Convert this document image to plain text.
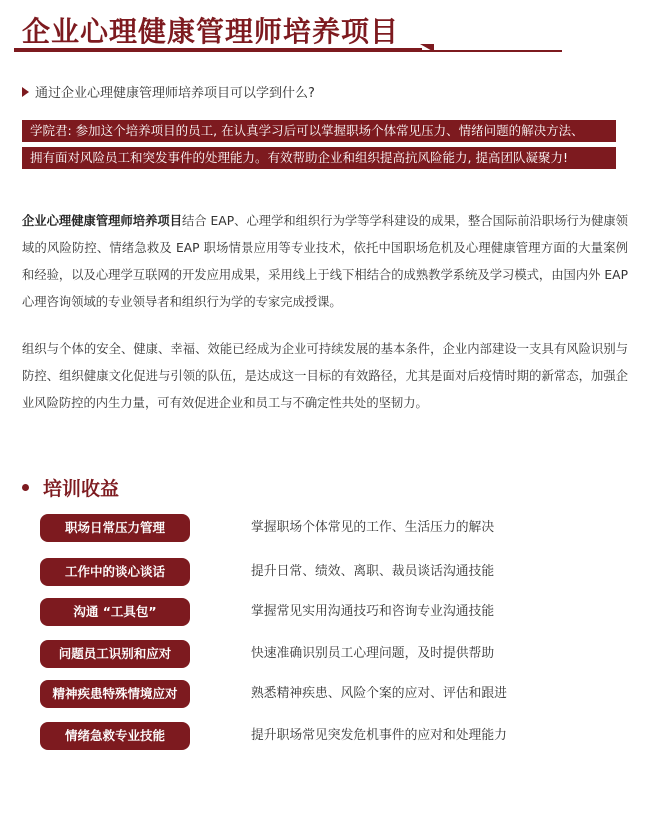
企业心理健康管理师培养项目
通过企业心理健康管理师培养项目可以学到什么?
学院君: 参加这个培养项目的员工, 在认真学习后可以掌握职场个体常见压力、情绪问题的解决方法、
拥有面对风险员工和突发事件的处理能力。有效帮助企业和组织提高抗风险能力, 提高团队凝聚力!

企业心理健康管理师培养项目结合 EAP、心理学和组织行为学等学科建设的成果，整合国际前沿职场行为健康领域的风险防控、情绪急救及 EAP 职场情景应用等专业技术，依托中国职场危机及心理健康管理方面的大量案例和经验，以及心理学互联网的开发应用成果，采用线上于线下相结合的成熟教学系统及学习模式，由国内外 EAP 心理咨询领域的专业领导者和组织行为学的专家完成授课。

组织与个体的安全、健康、幸福、效能已经成为企业可持续发展的基本条件，企业内部建设一支具有风险识别与防控、组织健康文化促进与引领的队伍，是达成这一目标的有效路径，尤其是面对后疫情时期的新常态，加强企业风险防控的内生力量，可有效促进企业和员工与不确定性共处的坚韧力。

培训收益
职场日常压力管理	掌握职场个体常见的工作、生活压力的解决
工作中的谈心谈话	提升日常、绩效、离职、裁员谈话沟通技能
沟通 “工具包”	掌握常见实用沟通技巧和咨询专业沟通技能
问题员工识别和应对	快速准确识别员工心理问题，及时提供帮助
精神疾患特殊情境应对	熟悉精神疾患、风险个案的应对、评估和跟进
情绪急救专业技能	提升职场常见突发危机事件的应对和处理能力
